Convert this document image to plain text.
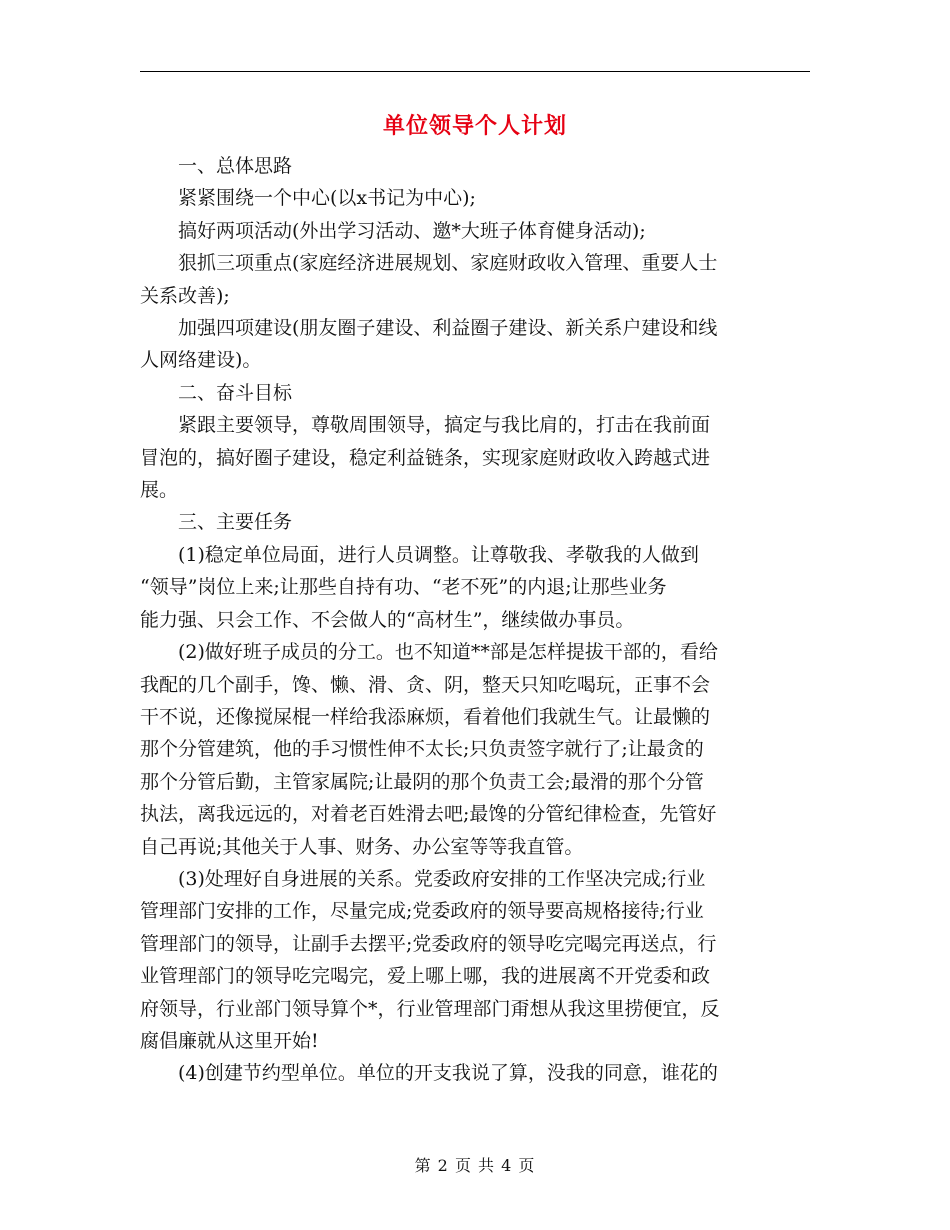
单位领导个人计划

一、总体思路

紧紧围绕一个中心(以x书记为中心);

搞好两项活动(外出学习活动、邀*大班子体育健身活动);

狠抓三项重点(家庭经济进展规划、家庭财政收入管理、重要人士

关系改善);

加强四项建设(朋友圈子建设、利益圈子建设、新关系户建设和线

人网络建设)。

二、奋斗目标

紧跟主要领导，尊敬周围领导，搞定与我比肩的，打击在我前面

冒泡的，搞好圈子建设，稳定利益链条，实现家庭财政收入跨越式进

展。

三、主要任务

(1)稳定单位局面，进行人员调整。让尊敬我、孝敬我的人做到

“领导”岗位上来;让那些自持有功、“老不死”的内退;让那些业务

能力强、只会工作、不会做人的“高材生”，继续做办事员。

(2)做好班子成员的分工。也不知道**部是怎样提拔干部的，看给

我配的几个副手，馋、懒、滑、贪、阴，整天只知吃喝玩，正事不会

干不说，还像搅屎棍一样给我添麻烦，看着他们我就生气。让最懒的

那个分管建筑，他的手习惯性伸不太长;只负责签字就行了;让最贪的

那个分管后勤，主管家属院;让最阴的那个负责工会;最滑的那个分管

执法，离我远远的，对着老百姓滑去吧;最馋的分管纪律检查，先管好

自己再说;其他关于人事、财务、办公室等等我直管。

(3)处理好自身进展的关系。党委政府安排的工作坚决完成;行业

管理部门安排的工作，尽量完成;党委政府的领导要高规格接待;行业

管理部门的领导，让副手去摆平;党委政府的领导吃完喝完再送点，行

业管理部门的领导吃完喝完，爱上哪上哪，我的进展离不开党委和政

府领导，行业部门领导算个*，行业管理部门甭想从我这里捞便宜，反

腐倡廉就从这里开始!

(4)创建节约型单位。单位的开支我说了算，没我的同意，谁花的

第 2 页 共 4 页
